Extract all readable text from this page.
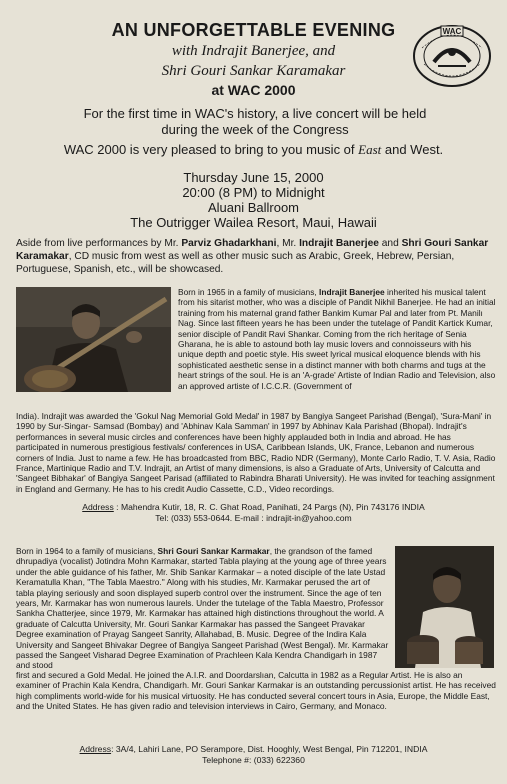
AN UNFORGETTABLE EVENING
with Indrajit Banerjee, and
Shri Gouri Sankar Karamakar
at WAC 2000
WAC
For the first time in WAC's history, a live concert will be held
during the week of the Congress
WAC 2000 is very pleased to bring to you music of East and West.
Thursday June 15, 2000
20:00 (8 PM) to Midnight
Aluani Ballroom
The Outrigger Wailea Resort, Maui, Hawaii
Aside from live performances by Mr. Parviz Ghadarkhani, Mr. Indrajit Banerjee and Shri Gouri Sankar Karamakar, CD music from west as well as other music such as Arabic, Greek, Hebrew, Persian, Portuguese, Spanish, etc., will be showcased.
Born in 1965 in a family of musicians, Indrajit Banerjee inherited his musical talent from his sitarist mother, who was a disciple of Pandit Nikhil Banerjee. He had an initial training from his maternal grand father Bankim Kumar Pal and later from Pt. Manilı Nag. Since last fifteen years he has been under the tutelage of Pandit Kartick Kumar, senior disciple of Pandit Ravi Shankar. Coming from the rich heritage of Senia Gharana, he is able to astound both lay music lovers and connoisseurs with his unique depth and poetic style. His sweet lyrical musical eloquence blends with his sophisticated aesthetic sense in a distinct manner with both charms and tugs at the heart strings of the soul. He is an 'A-grade' Artiste of Indian Radio and Television, also an approved artiste of I.C.C.R. (Government of
India). Indrajit was awarded the 'Gokul Nag Memorial Gold Medal' in 1987 by Bangiya Sangeet Parishad (Bengal), 'Sura-Mani' in 1990 by Sur-Singar- Samsad (Bombay) and 'Abhinav Kala Samman' in 1997 by Abhinav Kala Parishad (Bhopal). Indrajit's performances in several music circles and conferences have been highly applauded both in India and abroad. He has participated in numerous prestigious festivals/ conferences in USA, Caribbean Islands, UK, France, Lebanon and numerous corners of India. Just to name a few. He has broadcasted from BBC, Radio NDR (Germany), Monte Carlo Radio, T. V. Asia, Radio France, Martinique Radio and T.V. Indrajit, an Artist of many dimensions, is also a Graduate of Arts, University of Calcutta and 'Sangeet Bibhakar' of Bangiya Sangeet Parisad (affiliated to Rabindra Bharati University). He was invited for teaching assignment in England and Germany. He has to his credit Audio Cassette, C.D., Video recordings.
Address : Mahendra Kutir, 18, R. C. Ghat Road, Panihati, 24 Pargs (N), Pin 743176 INDIA
Tel: (033) 553-0644. E-mail : indrajit-in@yahoo.com
Born in 1964 to a family of musicians, Shri Gouri Sankar Karmakar, the grandson of the famed dhrupadiya (vocalist) Jotindra Mohn Karmakar, started Tabla playing at the young age of three years under the able guidance of his father, Mr. Shib Sankar Karmakar – a noted disciple of the late Ustad Keramatulla Khan, "The Tabla Maestro." Along with his studies, Mr. Karmakar perused the art of tabla playing seriously and soon displayed superb control over the instrument. Since the age of ten years, Mr. Karmakar has won numerous laurels. Under the tutelage of the Tabla Maestro, Professor Sankha Chatterjee, since 1979, Mr. Karmakar has attained high distinctions throughout the world. A graduate of Calcutta University, Mr. Gouri Sankar Karmakar has passed the Sangeet Pravakar Degree examination of Prayag Sangeet Sanrity, Allahabad, B. Music. Degree of the Indira Kala University and Sangeet Bhivakar Degree of Bangiya Sangeet Parishad (West Bengal). Mr. Karmakar passed the Sangeet Visharad Degree Examination of Prachleen Kala Kendra Chandigarh in 1987 and stood
first and secured a Gold Medal. He joined the A.I.R. and Doordarslıan, Calcutta in 1982 as a Regular Artist. He is also an examiner of Prachin Kala Kendra, Chandigarh. Mr. Gouri Sankar Karmakar is an outstanding percussionist artist. He has received high compliments world-wide for his musical virtuosity. He has conducted several concert tours in Asia, Europe, the Middle East, and the United States. He has given radio and television interviews in Cairo, Germany, and Monaco.
Address: 3A/4, Lahiri Lane, PO Serampore, Dist. Hooghly, West Bengal, Pin 712201, INDIA
Telephone #: (033) 622360
